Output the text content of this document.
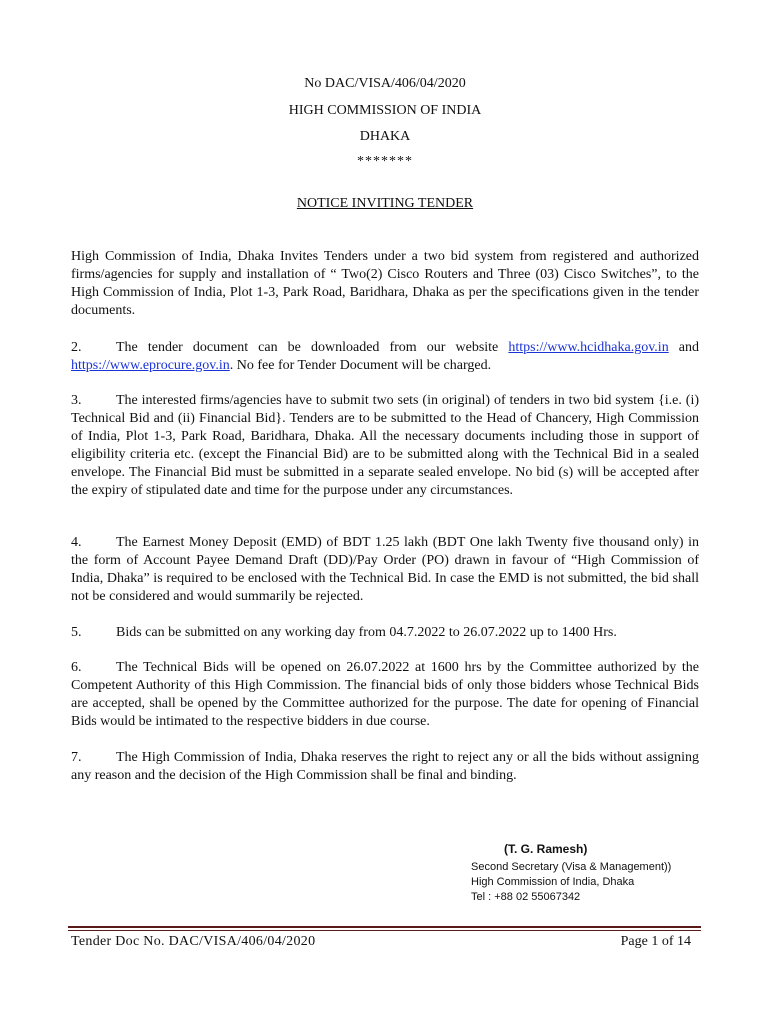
No DAC/VISA/406/04/2020
HIGH COMMISSION OF INDIA
DHAKA
*******
NOTICE INVITING TENDER

High Commission of India, Dhaka Invites Tenders under a two bid system from registered and authorized firms/agencies for supply and installation of “ Two(2) Cisco Routers and Three (03) Cisco Switches”, to the High Commission of India, Plot 1-3, Park Road, Baridhara, Dhaka as per the specifications given in the tender documents.

2. The tender document can be downloaded from our website https://www.hcidhaka.gov.in and https://www.eprocure.gov.in. No fee for Tender Document will be charged.

3. The interested firms/agencies have to submit two sets (in original) of tenders in two bid system {i.e. (i) Technical Bid and (ii) Financial Bid}. Tenders are to be submitted to the Head of Chancery, High Commission of India, Plot 1-3, Park Road, Baridhara, Dhaka. All the necessary documents including those in support of eligibility criteria etc. (except the Financial Bid) are to be submitted along with the Technical Bid in a sealed envelope. The Financial Bid must be submitted in a separate sealed envelope. No bid (s) will be accepted after the expiry of stipulated date and time for the purpose under any circumstances.

4. The Earnest Money Deposit (EMD) of BDT 1.25 lakh (BDT One lakh Twenty five thousand only) in the form of Account Payee Demand Draft (DD)/Pay Order (PO) drawn in favour of “High Commission of India, Dhaka” is required to be enclosed with the Technical Bid. In case the EMD is not submitted, the bid shall not be considered and would summarily be rejected.

5. Bids can be submitted on any working day from 04.7.2022 to 26.07.2022 up to 1400 Hrs.

6. The Technical Bids will be opened on 26.07.2022 at 1600 hrs by the Committee authorized by the Competent Authority of this High Commission. The financial bids of only those bidders whose Technical Bids are accepted, shall be opened by the Committee authorized for the purpose. The date for opening of Financial Bids would be intimated to the respective bidders in due course.

7. The High Commission of India, Dhaka reserves the right to reject any or all the bids without assigning any reason and the decision of the High Commission shall be final and binding.

(T. G. Ramesh)
Second Secretary (Visa & Management))
High Commission of India, Dhaka
Tel : +88 02 55067342
Tender Doc No. DAC/VISA/406/04/2020	Page 1 of 14
